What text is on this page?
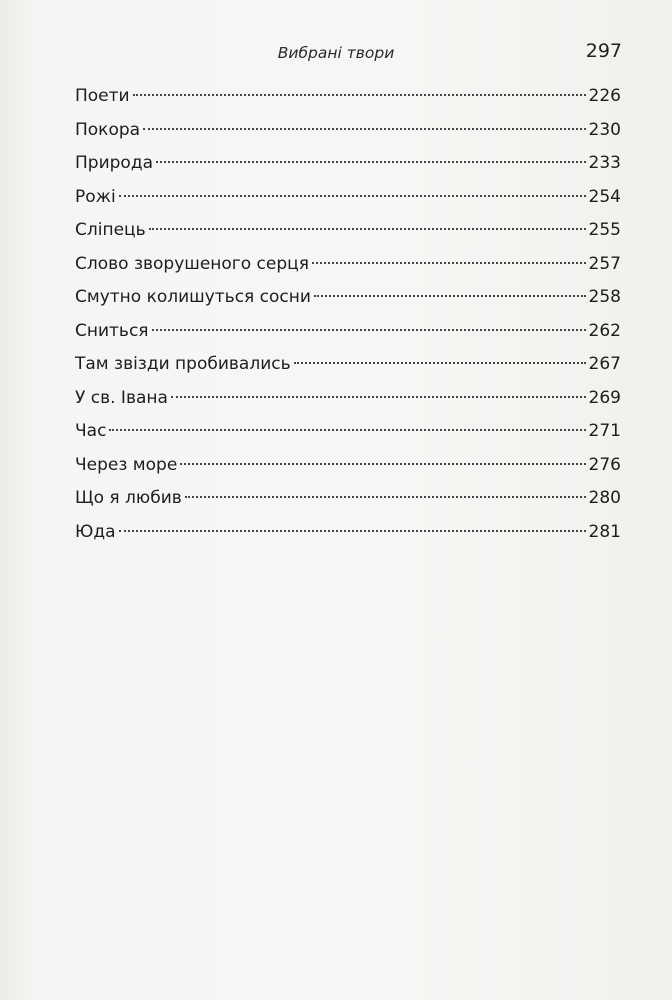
Вибрані твори	297
Поети	226
Покора	230
Природа	233
Рожі	254
Сліпець	255
Слово зворушеного серця	257
Смутно колишуться сосни	258
Сниться	262
Там звізди пробивались	267
У св. Івана	269
Час	271
Через море	276
Що я любив	280
Юда	281
